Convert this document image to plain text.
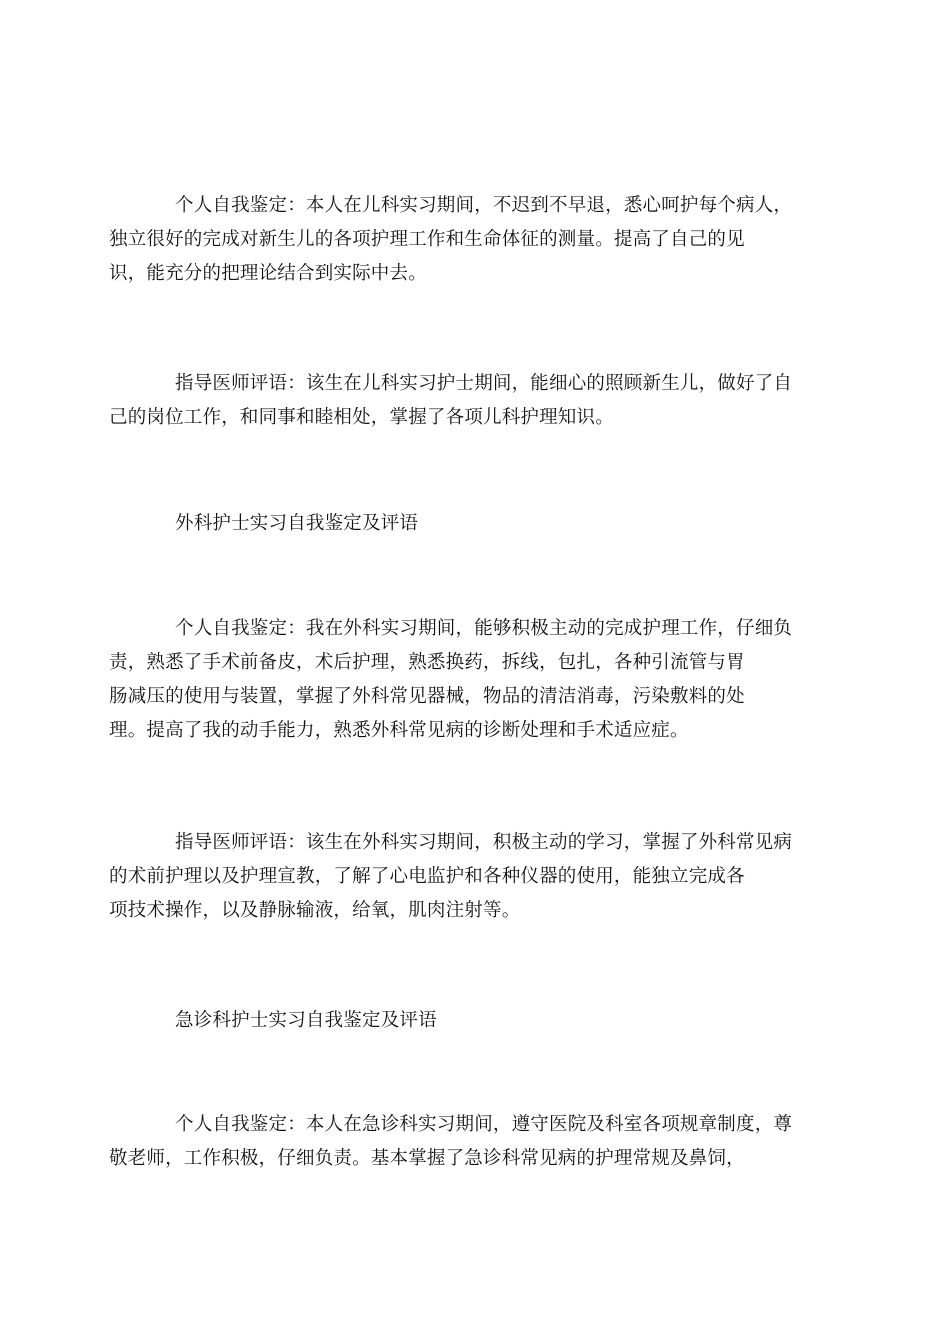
个人自我鉴定：本人在儿科实习期间，不迟到不早退，悉心呵护每个病人，
独立很好的完成对新生儿的各项护理工作和生命体征的测量。提高了自己的见
识，能充分的把理论结合到实际中去。

指导医师评语：该生在儿科实习护士期间，能细心的照顾新生儿，做好了自
己的岗位工作，和同事和睦相处，掌握了各项儿科护理知识。

外科护士实习自我鉴定及评语

个人自我鉴定：我在外科实习期间，能够积极主动的完成护理工作，仔细负
责，熟悉了手术前备皮，术后护理，熟悉换药，拆线，包扎，各种引流管与胃
肠减压的使用与装置，掌握了外科常见器械，物品的清洁消毒，污染敷料的处
理。提高了我的动手能力，熟悉外科常见病的诊断处理和手术适应症。

指导医师评语：该生在外科实习期间，积极主动的学习，掌握了外科常见病
的术前护理以及护理宣教，了解了心电监护和各种仪器的使用，能独立完成各
项技术操作，以及静脉输液，给氧，肌肉注射等。

急诊科护士实习自我鉴定及评语

个人自我鉴定：本人在急诊科实习期间，遵守医院及科室各项规章制度，尊
敬老师，工作积极，仔细负责。基本掌握了急诊科常见病的护理常规及鼻饲，
